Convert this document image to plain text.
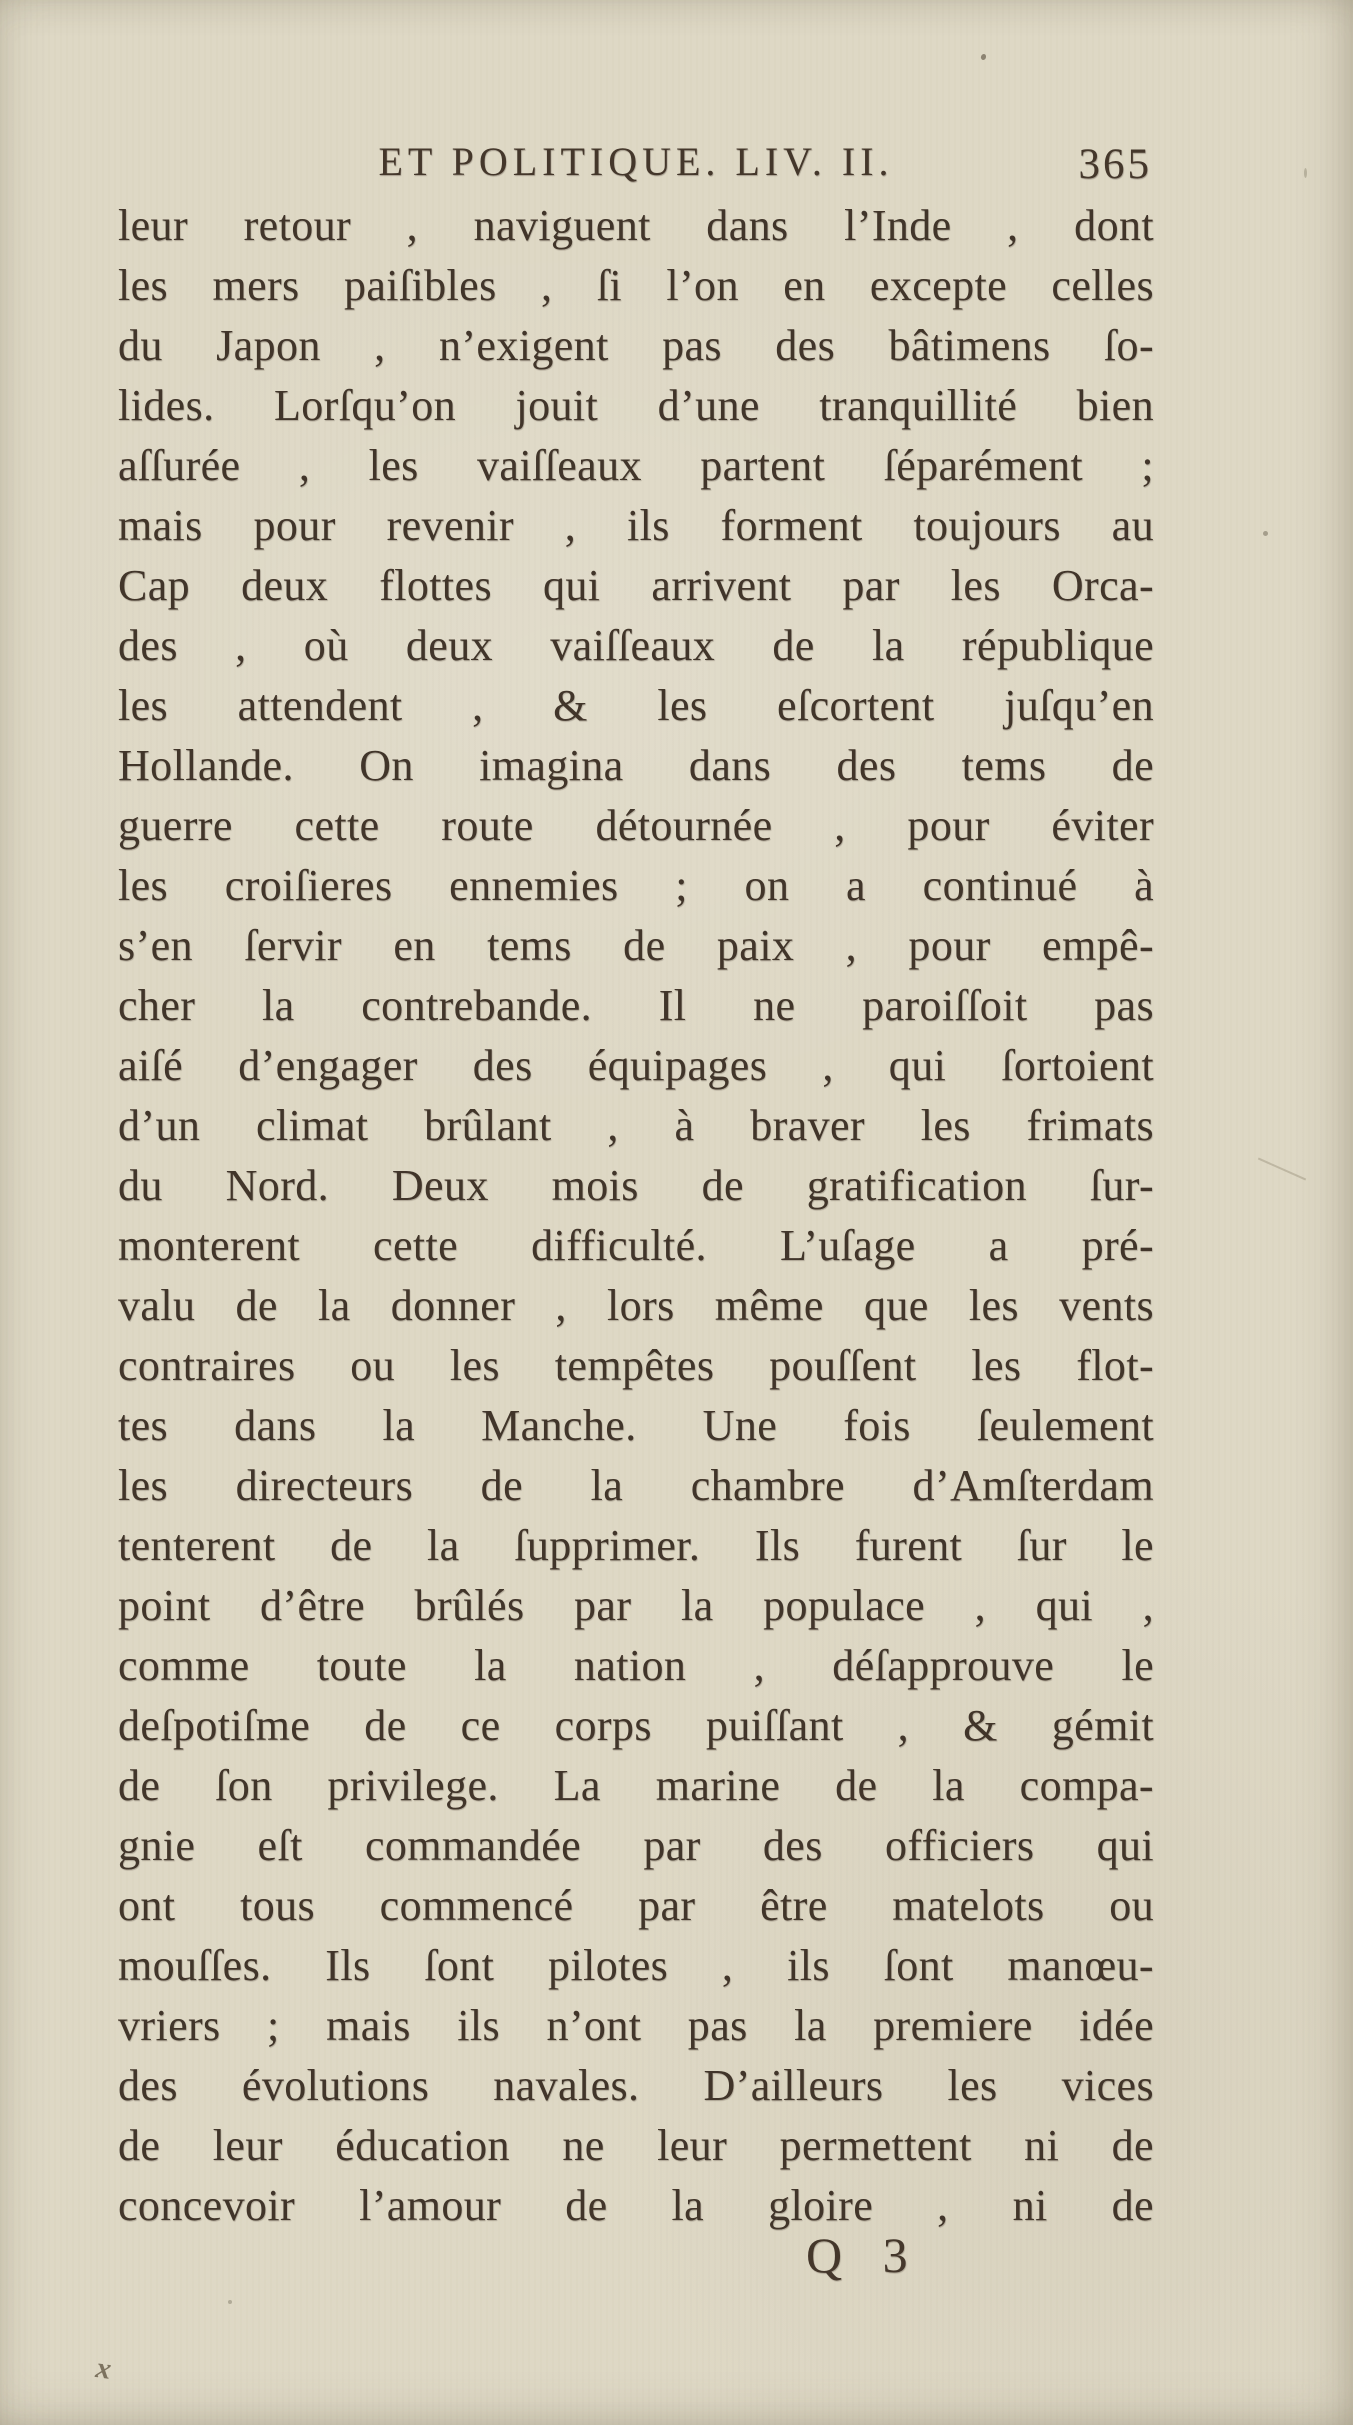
ET POLITIQUE. LIV. II.	365
leur retour , naviguent dans l’Inde , dont
les mers paiſibles , ſi l’on en excepte celles
du Japon , n’exigent pas des bâtimens ſo-
lides. Lorſqu’on jouit d’une tranquillité bien
aſſurée , les vaiſſeaux partent ſéparément ;
mais pour revenir , ils forment toujours au
Cap deux flottes qui arrivent par les Orca-
des , où deux vaiſſeaux de la république
les attendent , & les eſcortent juſqu’en
Hollande. On imagina dans des tems de
guerre cette route détournée , pour éviter
les croiſieres ennemies ; on a continué à
s’en ſervir en tems de paix , pour empê-
cher la contrebande. Il ne paroiſſoit pas
aiſé d’engager des équipages , qui ſortoient
d’un climat brûlant , à braver les frimats
du Nord. Deux mois de gratification ſur-
monterent cette difficulté. L’uſage a pré-
valu de la donner , lors même que les vents
contraires ou les tempêtes pouſſent les flot-
tes dans la Manche. Une fois ſeulement
les directeurs de la chambre d’Amſterdam
tenterent de la ſupprimer. Ils furent ſur le
point d’être brûlés par la populace , qui ,
comme toute la nation , déſapprouve le
deſpotiſme de ce corps puiſſant , & gémit
de ſon privilege. La marine de la compa-
gnie eſt commandée par des officiers qui
ont tous commencé par être matelots ou
mouſſes. Ils ſont pilotes , ils ſont manœu-
vriers ; mais ils n’ont pas la premiere idée
des évolutions navales. D’ailleurs les vices
de leur éducation ne leur permettent ni de
concevoir l’amour de la gloire , ni de
Q 3
x
